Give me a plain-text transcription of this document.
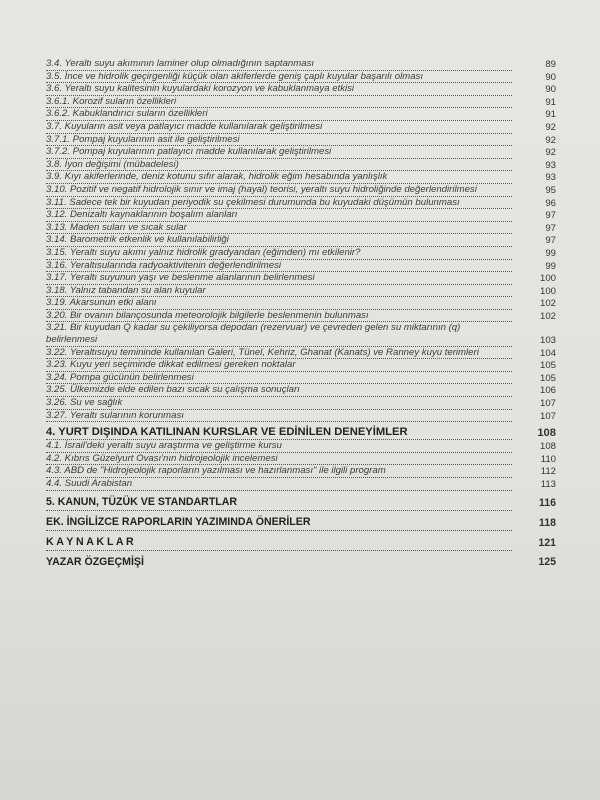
3.4. Yeraltı suyu akımının laminer olup olmadığının saptanması	89
3.5. İnce ve hidrolik geçirgenliği küçük olan akiferlerde geniş çaplı kuyular başarılı olması	90
3.6. Yeraltı suyu kalitesinin kuyulardaki korozyon ve kabuklanmaya etkisi	90
3.6.1. Korozif suların özellikleri	91
3.6.2. Kabuklandırıcı suların özellikleri	91
3.7. Kuyuların asit veya patlayıcı madde kullanılarak geliştirilmesi	92
3.7.1. Pompaj kuyularının asit ile geliştirilmesi	92
3.7.2. Pompaj kuyularının patlayıcı madde kullanılarak geliştirilmesi	92
3.8. İyon değişimi (mübadelesi)	93
3.9. Kıyı akiferlerinde, deniz kotunu sıfır alarak, hidrolik eğim hesabında yanlışlık	93
3.10. Pozitif ve negatif hidrolojik sınır ve imaj (hayal) teorisi, yeraltı suyu hidroliğinde değerlendirilmesi	95
3.11. Sadece tek bir kuyudan periyodik su çekilmesi durumunda bu kuyudaki düşümün bulunması	96
3.12. Denizaltı kaynaklarının boşalım alanları	97
3.13. Maden suları ve sıcak sular	97
3.14. Barometrik etkenlik ve kullanılabilirliği	97
3.15. Yeraltı suyu akımı yalnız hidrolik gradyandan (eğimden) mı etkilenir?	99
3.16. Yeraltısularında radyoaktivitenin değerlendirilmesi	99
3.17. Yeraltı suyunun yaşı ve beslenme alanlarının belirlenmesi	100
3.18. Yalnız tabandan su alan kuyular	100
3.19. Akarsunun etki alanı	102
3.20. Bir ovanın bilançosunda meteorolojik bilgilerle beslenmenin bulunması	102
3.21. Bir kuyudan Q kadar su çekiliyorsa depodan (rezervuar) ve çevreden gelen su miktarının (q) belirlenmesi	103
3.22. Yeraltısuyu temininde kullanılan Galeri, Tünel, Kehriz, Ghanat (Kanats) ve Ranney kuyu terimleri	104
3.23. Kuyu yeri seçiminde dikkat edilmesi gereken noktalar	105
3.24. Pompa gücünün belirlenmesi	105
3.25. Ülkemizde elde edilen bazı sıcak su çalışma sonuçları	106
3.26. Su ve sağlık	107
3.27. Yeraltı sularının korunması	107
4. YURT DIŞINDA KATILINAN KURSLAR VE EDİNİLEN DENEYİMLER	108
4.1. İsrail'deki yeraltı suyu araştırma ve geliştirme kursu	108
4.2. Kıbrıs Güzelyurt Ovası'nın hidrojeolojik incelemesi	110
4.3. ABD de "Hidrojeolojik raporların yazılması ve hazırlanması" ile ilgili program	112
4.4. Suudi Arabistan	113
5. KANUN, TÜZÜK VE STANDARTLAR	116
EK. İNGİLİZCE RAPORLARIN YAZIMINDA ÖNERİLER	118
K A Y N A K L A R	121
YAZAR ÖZGEÇMİŞİ	125
